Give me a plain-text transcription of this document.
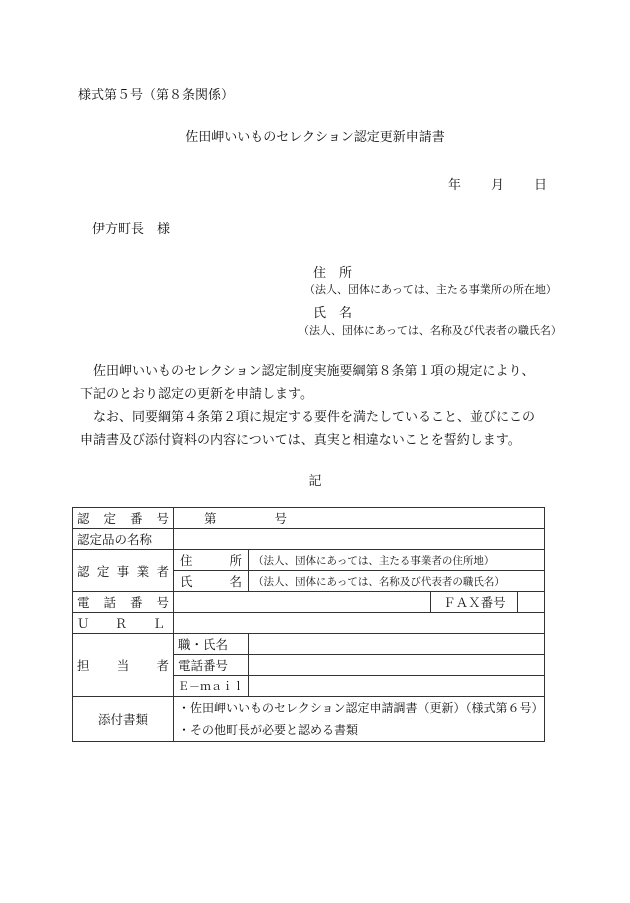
様式第５号（第８条関係）
佐田岬いいものセレクション認定更新申請書
年 月 日
伊方町長　様
住　所
（法人、団体にあっては、主たる事業所の所在地）
氏　名
（法人、団体にあっては、名称及び代表者の職氏名）

佐田岬いいものセレクション認定制度実施要綱第８条第１項の規定により、

下記のとおり認定の更新を申請します。

なお、同要綱第４条第２項に規定する要件を満たしていること、並びにこの

申請書及び添付資料の内容については、真実と相違ないことを誓約します。

記
認 定 番 号	第 号			
認定品の名称				

認 定 事 業 者	住 所	（法人、団体にあっては、主たる事業者の住所地）		

	氏 名	（法人、団体にあっては、名称及び代表者の職氏名）		

電 話 番 号			ＦＡＸ番号	

Ｕ Ｒ Ｌ				

担 当 者	職・氏名			
	電話番号			
	Ｅ－ｍａｉｌ			
添付書類	・佐田岬いいものセレクション認定申請調書（更新）（様式第６号）
・その他町長が必要と認める書類			
